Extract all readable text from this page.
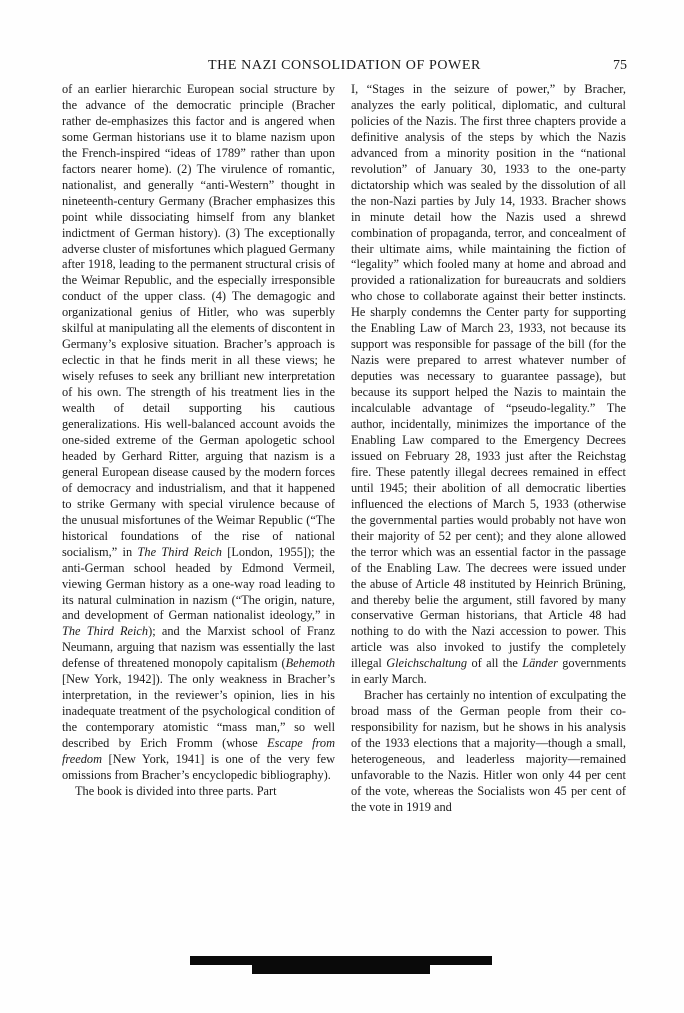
THE NAZI CONSOLIDATION OF POWER	75

of an earlier hierarchic European social structure by the advance of the democratic principle (Bracher rather de-emphasizes this factor and is angered when some German historians use it to blame nazism upon the French-inspired “ideas of 1789” rather than upon factors nearer home). (2) The virulence of romantic, nationalist, and generally “anti-Western” thought in nineteenth-century Germany (Bracher emphasizes this point while dissociating himself from any blanket indictment of German history). (3) The exceptionally adverse cluster of misfortunes which plagued Germany after 1918, leading to the permanent structural crisis of the Weimar Republic, and the especially irresponsible conduct of the upper class. (4) The demagogic and organizational genius of Hitler, who was superbly skilful at manipulating all the elements of discontent in Germany’s explosive situation. Bracher’s approach is eclectic in that he finds merit in all these views; he wisely refuses to seek any brilliant new interpretation of his own. The strength of his treatment lies in the wealth of detail supporting his cautious generalizations. His well-balanced account avoids the one-sided extreme of the German apologetic school headed by Gerhard Ritter, arguing that nazism is a general European disease caused by the modern forces of democracy and industrialism, and that it happened to strike Germany with special virulence because of the unusual misfortunes of the Weimar Republic (“The historical foundations of the rise of national socialism,” in The Third Reich [London, 1955]); the anti-German school headed by Edmond Vermeil, viewing German history as a one-way road leading to its natural culmination in nazism (“The origin, nature, and development of German nationalist ideology,” in The Third Reich); and the Marxist school of Franz Neumann, arguing that nazism was essentially the last defense of threatened monopoly capitalism (Behemoth [New York, 1942]). The only weakness in Bracher’s interpretation, in the reviewer’s opinion, lies in his inadequate treatment of the psychological condition of the contemporary atomistic “mass man,” so well described by Erich Fromm (whose Escape from freedom [New York, 1941] is one of the very few omissions from Bracher’s encyclopedic bibliography).

The book is divided into three parts. Part

I, “Stages in the seizure of power,” by Bracher, analyzes the early political, diplomatic, and cultural policies of the Nazis. The first three chapters provide a definitive analysis of the steps by which the Nazis advanced from a minority position in the “national revolution” of January 30, 1933 to the one-party dictatorship which was sealed by the dissolution of all the non-Nazi parties by July 14, 1933. Bracher shows in minute detail how the Nazis used a shrewd combination of propaganda, terror, and concealment of their ultimate aims, while maintaining the fiction of “legality” which fooled many at home and abroad and provided a rationalization for bureaucrats and soldiers who chose to collaborate against their better instincts. He sharply condemns the Center party for supporting the Enabling Law of March 23, 1933, not because its support was responsible for passage of the bill (for the Nazis were prepared to arrest whatever number of deputies was necessary to guarantee passage), but because its support helped the Nazis to maintain the incalculable advantage of “pseudo-legality.” The author, incidentally, minimizes the importance of the Enabling Law compared to the Emergency Decrees issued on February 28, 1933 just after the Reichstag fire. These patently illegal decrees remained in effect until 1945; their abolition of all democratic liberties influenced the elections of March 5, 1933 (otherwise the governmental parties would probably not have won their majority of 52 per cent); and they alone allowed the terror which was an essential factor in the passage of the Enabling Law. The decrees were issued under the abuse of Article 48 instituted by Heinrich Brüning, and thereby belie the argument, still favored by many conservative German historians, that Article 48 had nothing to do with the Nazi accession to power. This article was also invoked to justify the completely illegal Gleichschaltung of all the Länder governments in early March.

Bracher has certainly no intention of exculpating the broad mass of the German people from their co-responsibility for nazism, but he shows in his analysis of the 1933 elections that a majority—though a small, heterogeneous, and leaderless majority—remained unfavorable to the Nazis. Hitler won only 44 per cent of the vote, whereas the Socialists won 45 per cent of the vote in 1919 and
